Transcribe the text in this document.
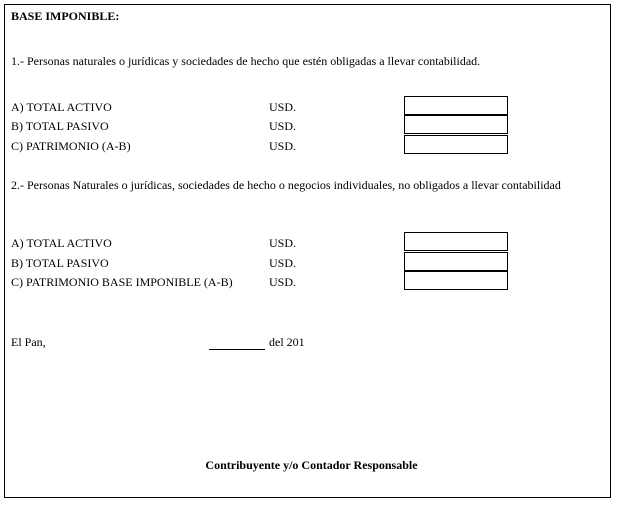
BASE IMPONIBLE:
1.- Personas naturales o jurídicas y sociedades de hecho que estén obligadas a llevar contabilidad.
A) TOTAL ACTIVO	USD.
B) TOTAL PASIVO	USD.
C) PATRIMONIO (A-B)	USD.
2.- Personas Naturales o jurídicas, sociedades de hecho o negocios individuales, no obligados a llevar contabilidad
A) TOTAL ACTIVO	USD.
B) TOTAL PASIVO	USD.
C) PATRIMONIO BASE IMPONIBLE (A-B)	USD.
El Pan,	del 201
Contribuyente y/o Contador Responsable
